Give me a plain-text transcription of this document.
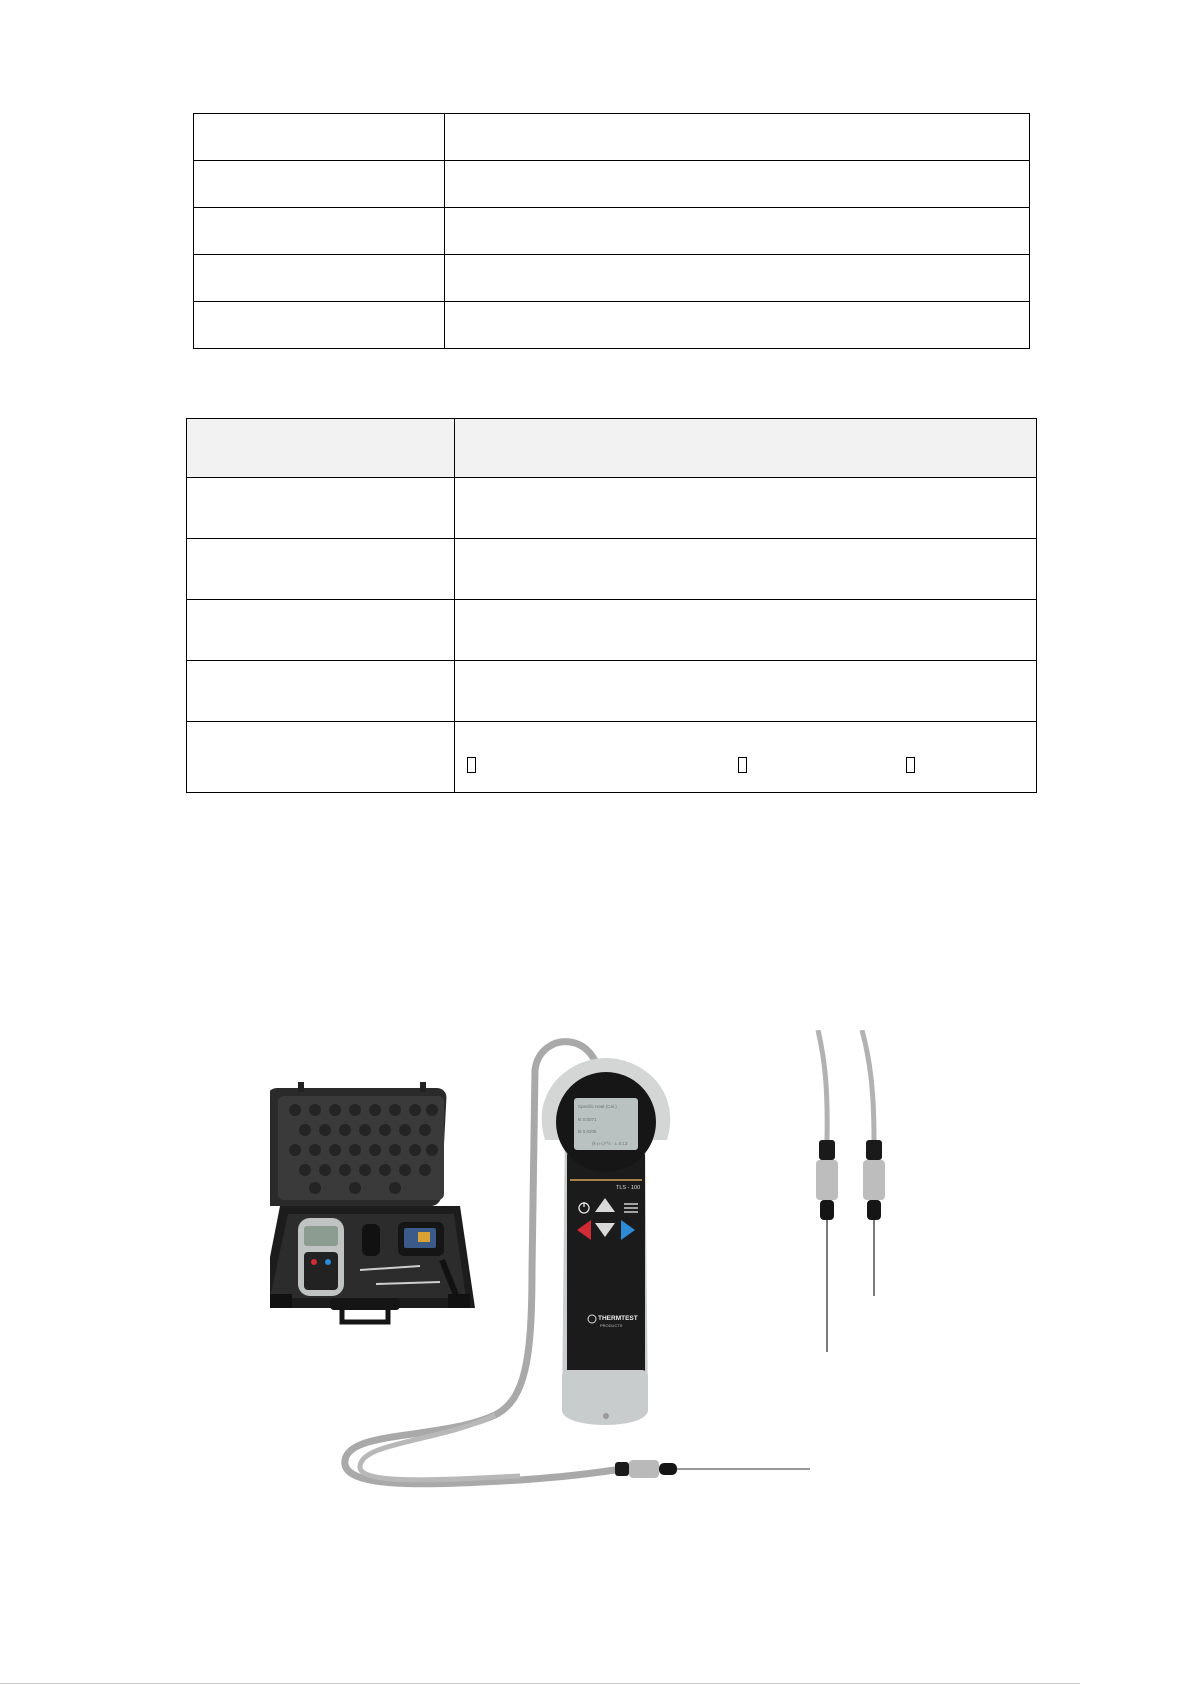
Specific Heat (Cal.)
kt 0.0071
kt 0.0205
(k·ρ·c)^½ · L.0.13
TLS - 100
THERMTEST
PRODUCTS
